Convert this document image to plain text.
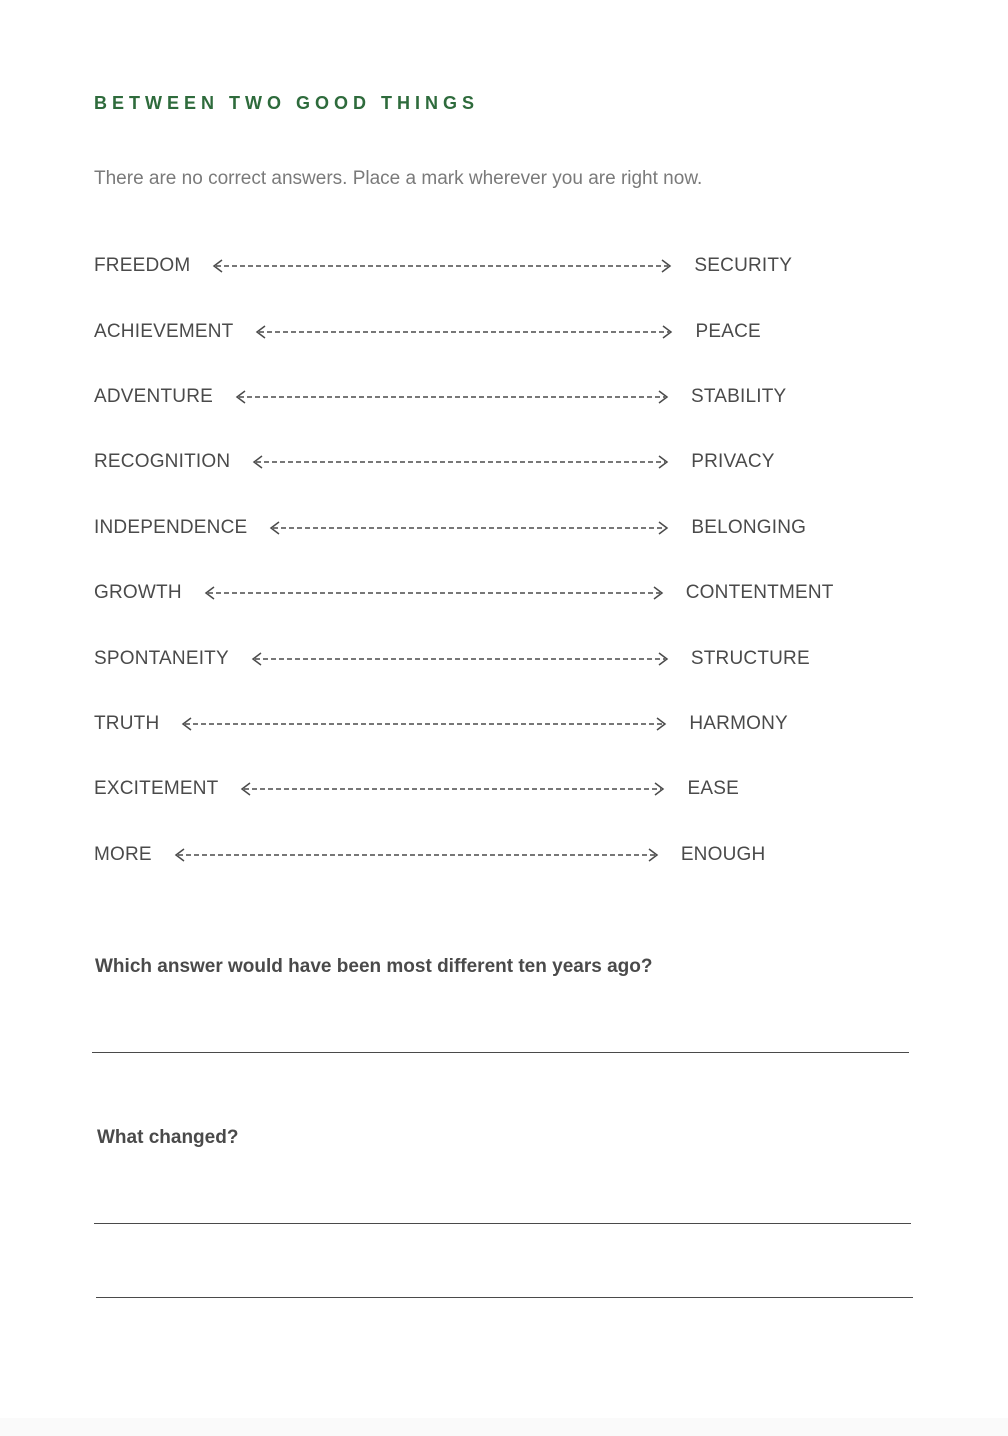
BETWEEN TWO GOOD THINGS
There are no correct answers. Place a mark wherever you are right now.
FREEDOM	SECURITY
ACHIEVEMENT	PEACE
ADVENTURE	STABILITY
RECOGNITION	PRIVACY
INDEPENDENCE	BELONGING
GROWTH	CONTENTMENT
SPONTANEITY	STRUCTURE
TRUTH	HARMONY
EXCITEMENT	EASE
MORE	ENOUGH
Which answer would have been most different ten years ago?
What changed?
